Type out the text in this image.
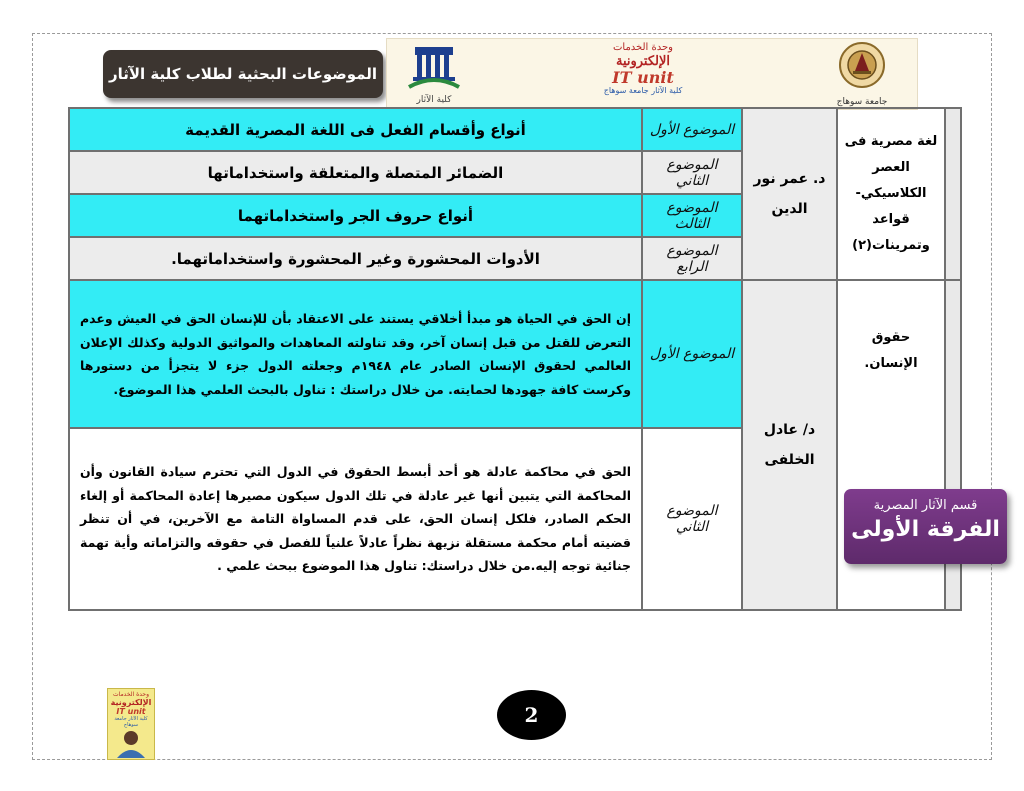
الموضوعات البحثية لطلاب كلية الآثار
كلية الآثار
وحدة الخدمات
الإلكترونية
IT unit
كلية الآثار جامعة سوهاج
جامعة سوهاج
	لغة مصرية فى العصر الكلاسيكي- قواعد وتمرينات(٢)	د. عمر نور الدين	الموضوع الأول	أنواع وأقسام الفعل فى اللغة المصرية القديمة
			الموضوع الثاني	الضمائر المتصلة والمتعلقة واستخداماتها
			الموضوع الثالث	أنواع حروف الجر واستخداماتهما
			الموضوع الرابع	الأدوات المحشورة وغير المحشورة واستخداماتهما.
	حقوق الإنسان.	د/ عادل الخلفى	الموضوع الأول	إن الحق في الحياة هو مبدأ أخلاقي يستند على الاعتقاد بأن للإنسان الحق في العيش وعدم التعرض للقتل من قبل إنسان آخر، وقد تناولته المعاهدات والمواثيق الدولية وكذلك الإعلان العالمي لحقوق الإنسان الصادر عام ١٩٤٨م وجعلته الدول جزء لا يتجزأ من دستورها وكرست كافة جهودها لحمايته. من خلال دراستك : تناول بالبحث العلمي هذا الموضوع.
			الموضوع الثاني	الحق في محاكمة عادلة هو أحد أبسط الحقوق في الدول التي تحترم سيادة القانون وأن المحاكمة التي يتبين أنها غير عادلة في تلك الدول سيكون مصيرها إعادة المحاكمة أو إلغاء الحكم الصادر، فلكل إنسان الحق، على قدم المساواة التامة مع الآخرين، في أن تنظر قضيته أمام محكمة مستقلة نزيهة نظراً عادلاً علنياً للفصل في حقوقه والتزاماته وأية تهمة جنائية توجه إليه.من خلال دراستك: تناول هذا الموضوع ببحث علمي .
قسم الآثار المصرية
الفرقة الأولى
وحدة الخدمات
الإلكترونية
IT unit
كلية الآثار جامعة سوهاج	2
